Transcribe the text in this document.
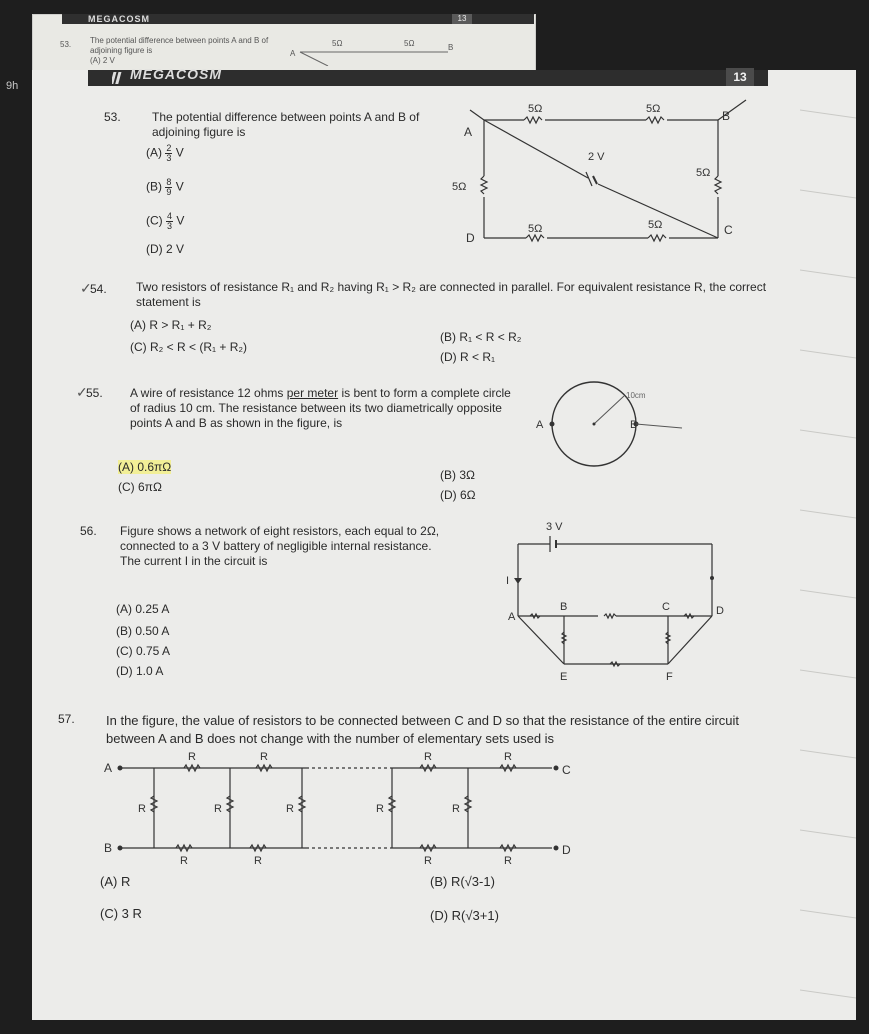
MEGACOSM	13
53. The potential difference between points A and B of adjoining figure is
(A) 2 V
A
5Ω	5Ω	B
9h
MEGACOSM	13
53.	The potential difference between points A and B of adjoining figure is
$(A) \frac{2}{3}$ V
$(B) \frac{8}{9}$ V
$(C) \frac{4}{3}$ V
(D) 2 V
A
B
C
D
5Ω	5Ω
5Ω
5Ω
5Ω	5Ω
2 V
✓
54. Two resistors of resistance R₁ and R₂ having R₁ > R₂ are connected in parallel. For equivalent resistance R, the correct statement is
(A) R > R₁ + R₂
(B) R₁ < R < R₂
(C) R₂ < R < (R₁ + R₂)
(D) R < R₁
✓
55. A wire of resistance 12 ohms per meter is bent to form a complete circle of radius 10 cm. The resistance between its two diametrically opposite points A and B as shown in the figure, is
(A) 0.6πΩ
(B) 3Ω
(C) 6πΩ
(D) 6Ω
A	B
10cm
56. Figure shows a network of eight resistors, each equal to 2Ω, connected to a 3 V battery of negligible internal resistance. The current I in the circuit is
(A) 0.25 A
(B) 0.50 A
(C) 0.75 A
(D) 1.0 A
3 V
I
A
B	C	D
E	F
57. In the figure, the value of resistors to be connected between C and D so that the resistance of the entire circuit between A and B does not change with the number of elementary sets used is
A
B
C
D
R	R	R	R
R	R	R	R
R	R	R	R	R
(A) R
(C) 3 R
(B) R(√3-1)
(D) R(√3+1)
